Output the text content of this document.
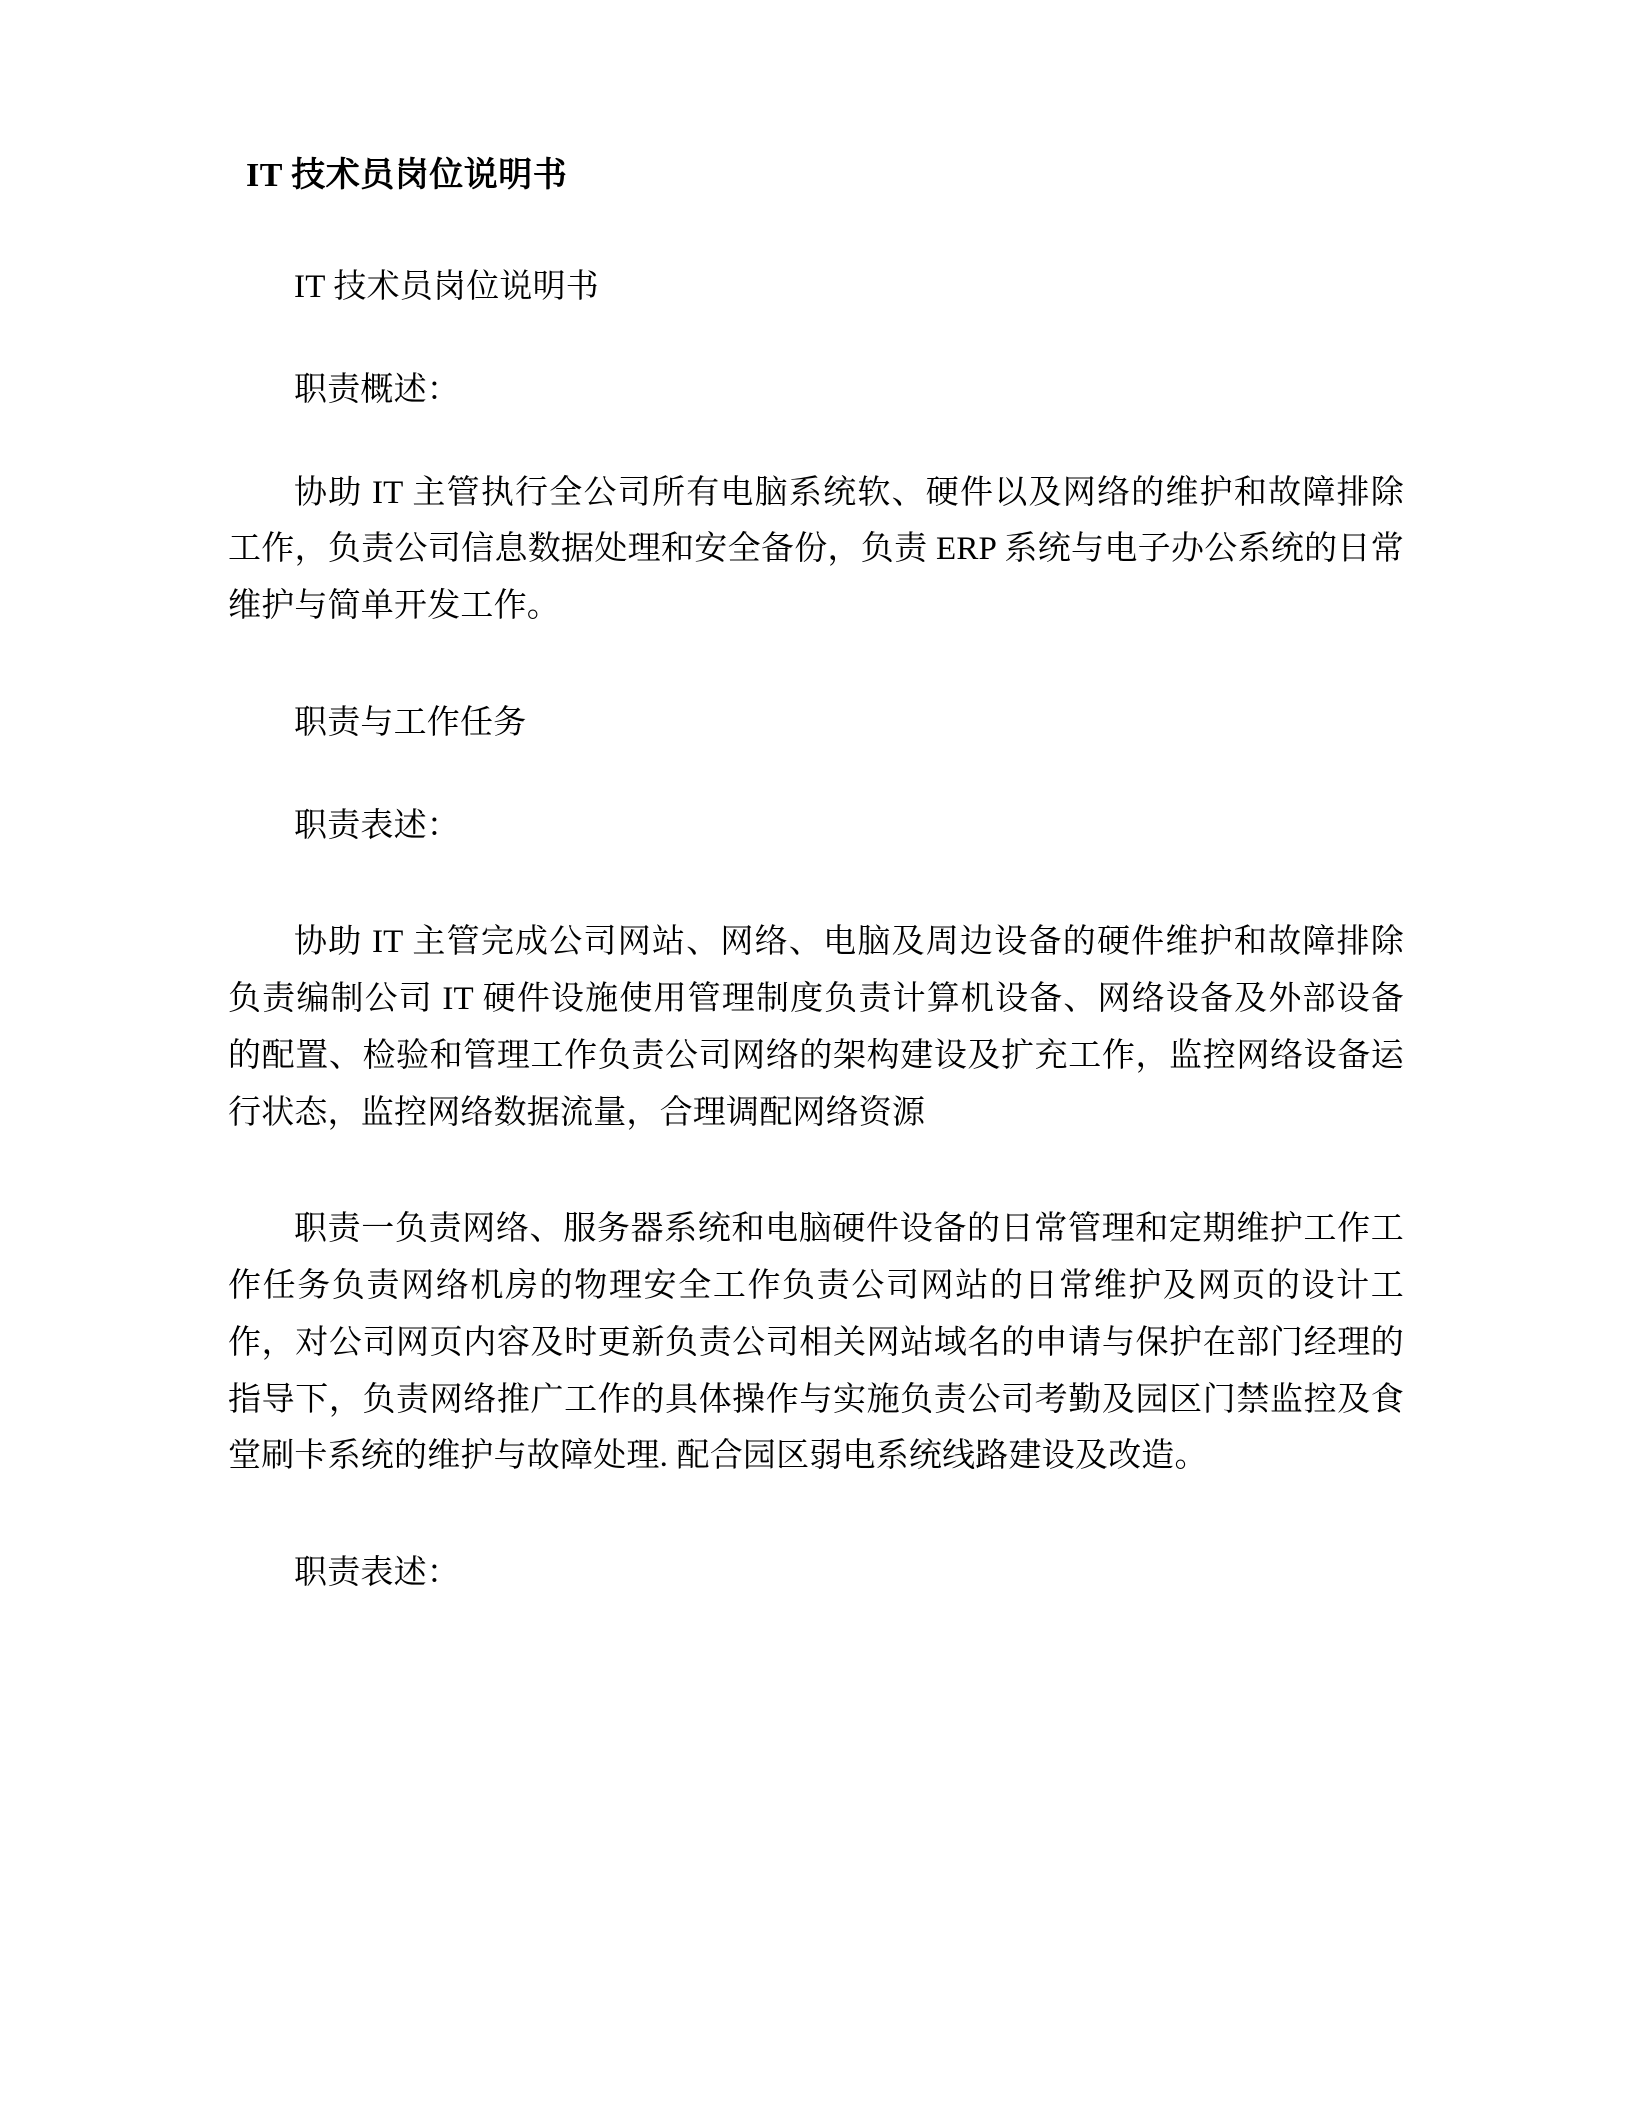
IT 技术员岗位说明书

IT 技术员岗位说明书

职责概述：

协助 IT 主管执行全公司所有电脑系统软、硬件以及网络的维护和故障排除工作，负责公司信息数据处理和安全备份，负责 ERP 系统与电子办公系统的日常维护与简单开发工作。

职责与工作任务

职责表述：

协助 IT 主管完成公司网站、网络、电脑及周边设备的硬件维护和故障排除负责编制公司 IT 硬件设施使用管理制度负责计算机设备、网络设备及外部设备的配置、检验和管理工作负责公司网络的架构建设及扩充工作，监控网络设备运行状态，监控网络数据流量，合理调配网络资源

职责一负责网络、服务器系统和电脑硬件设备的日常管理和定期维护工作工作任务负责网络机房的物理安全工作负责公司网站的日常维护及网页的设计工作，对公司网页内容及时更新负责公司相关网站域名的申请与保护在部门经理的指导下，负责网络推广工作的具体操作与实施负责公司考勤及园区门禁监控及食堂刷卡系统的维护与故障处理. 配合园区弱电系统线路建设及改造。

职责表述：
